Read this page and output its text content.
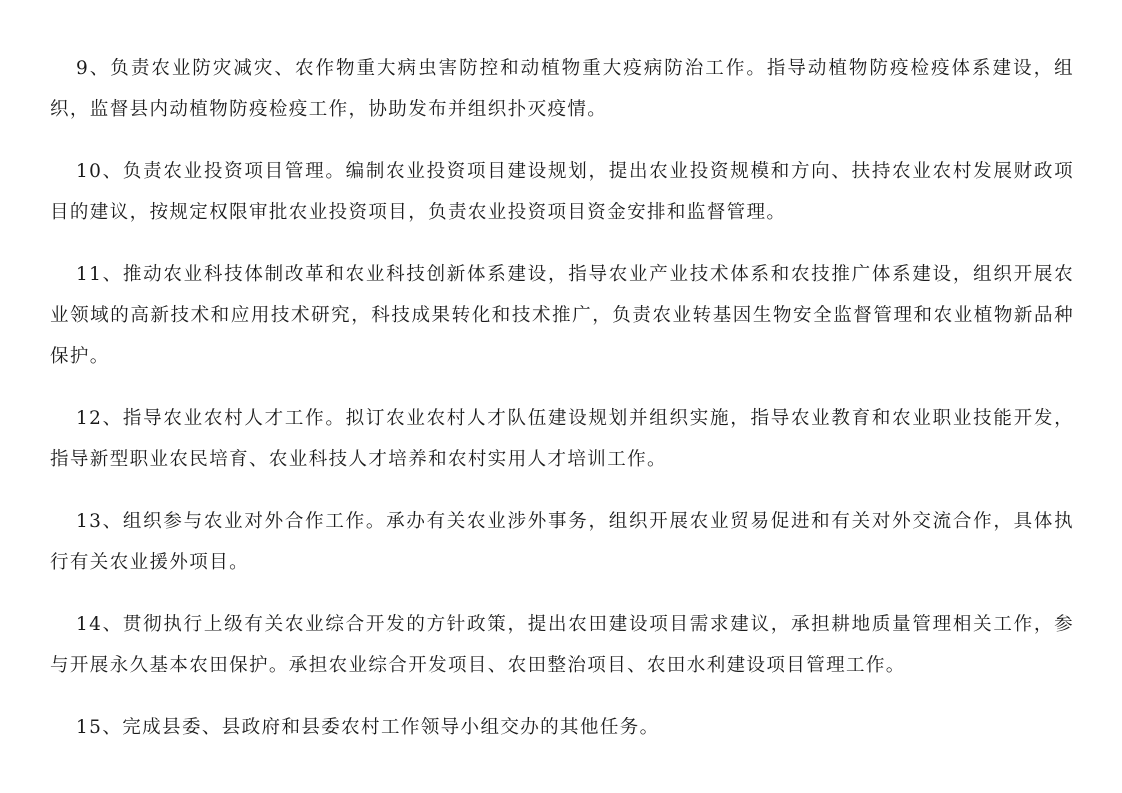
9、负责农业防灾减灾、农作物重大病虫害防控和动植物重大疫病防治工作。指导动植物防疫检疫体系建设，组织，监督县内动植物防疫检疫工作，协助发布并组织扑灭疫情。

10、负责农业投资项目管理。编制农业投资项目建设规划，提出农业投资规模和方向、扶持农业农村发展财政项目的建议，按规定权限审批农业投资项目，负责农业投资项目资金安排和监督管理。

11、推动农业科技体制改革和农业科技创新体系建设，指导农业产业技术体系和农技推广体系建设，组织开展农业领域的高新技术和应用技术研究，科技成果转化和技术推广，负责农业转基因生物安全监督管理和农业植物新品种保护。

12、指导农业农村人才工作。拟订农业农村人才队伍建设规划并组织实施，指导农业教育和农业职业技能开发，指导新型职业农民培育、农业科技人才培养和农村实用人才培训工作。

13、组织参与农业对外合作工作。承办有关农业涉外事务，组织开展农业贸易促进和有关对外交流合作，具体执行有关农业援外项目。

14、贯彻执行上级有关农业综合开发的方针政策，提出农田建设项目需求建议，承担耕地质量管理相关工作，参与开展永久基本农田保护。承担农业综合开发项目、农田整治项目、农田水利建设项目管理工作。

15、完成县委、县政府和县委农村工作领导小组交办的其他任务。
